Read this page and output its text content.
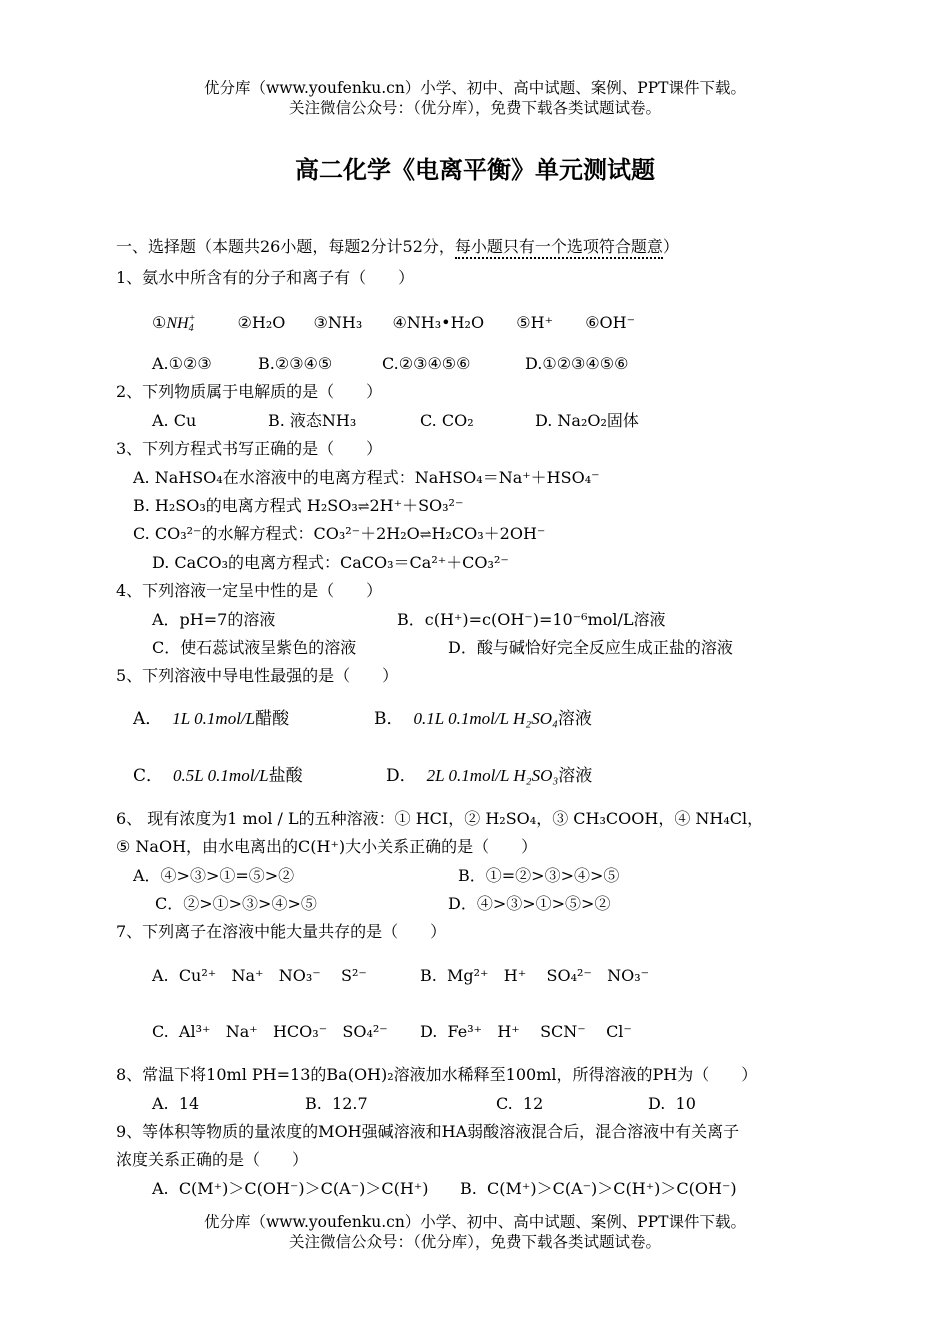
优分库（www.youfenku.cn）小学、初中、高中试题、案例、PPT课件下载。
关注微信公众号：（优分库），免费下载各类试题试卷。
高二化学《电离平衡》单元测试题
一、选择题（本题共26小题，每题2分计52分，每小题只有一个选项符合题意）
1、氨水中所含有的分子和离子有（　　）
①NH +
4	②H₂O ③NH₃ ④NH₃•H₂O ⑤H⁺ ⑥OH⁻
A.①②③	B.②③④⑤	C.②③④⑤⑥	D.①②③④⑤⑥
2、下列物质属于电解质的是（　　）
A. Cu	B. 液态NH₃	C. CO₂	D. Na₂O₂固体
3、下列方程式书写正确的是（　　）
A. NaHSO₄在水溶液中的电离方程式：NaHSO₄＝Na⁺＋HSO₄⁻
B. H₂SO₃的电离方程式 H₂SO₃⇌2H⁺＋SO₃²⁻
C. CO₃²⁻的水解方程式：CO₃²⁻＋2H₂O⇌H₂CO₃＋2OH⁻
D. CaCO₃的电离方程式：CaCO₃＝Ca²⁺＋CO₃²⁻
4、下列溶液一定呈中性的是（　　）
A．pH=7的溶液	B．c(H⁺)=c(OH⁻)=10⁻⁶mol/L溶液
C．使石蕊试液呈紫色的溶液	D．酸与碱恰好完全反应生成正盐的溶液
5、下列溶液中导电性最强的是（　　）
A． 1L 0.1mol/L醋酸	B． 0.1L 0.1mol/L H₂SO₄溶液
C． 0.5L 0.1mol/L盐酸	D． 2L 0.1mol/L H₂SO₃溶液
6、 现有浓度为1 mol / L的五种溶液：① HCI，② H₂SO₄，③ CH₃COOH，④ NH₄Cl，
⑤ NaOH，由水电离出的C(H⁺)大小关系正确的是（　　）
A．④>③>①=⑤>②	B．①=②>③>④>⑤
C．②>①>③>④>⑤	D．④>③>①>⑤>②
7、下列离子在溶液中能大量共存的是（　　）
A.  Cu²⁺   Na⁺   NO₃⁻    S²⁻	B.  Mg²⁺   H⁺    SO₄²⁻   NO₃⁻
C.  Al³⁺   Na⁺   HCO₃⁻   SO₄²⁻ D.  Fe³⁺   H⁺    SCN⁻    Cl⁻
8、常温下将10ml PH=13的Ba(OH)₂溶液加水稀释至100ml，所得溶液的PH为（　　）
A.  14	B.  12.7	C.  12	D.  10
9、等体积等物质的量浓度的MOH强碱溶液和HA弱酸溶液混合后，混合溶液中有关离子
浓度关系正确的是（　　）
A.  C(M⁺)＞C(OH⁻)＞C(A⁻)＞C(H⁺) B.  C(M⁺)＞C(A⁻)＞C(H⁺)＞C(OH⁻)
优分库（www.youfenku.cn）小学、初中、高中试题、案例、PPT课件下载。
关注微信公众号：（优分库），免费下载各类试题试卷。
